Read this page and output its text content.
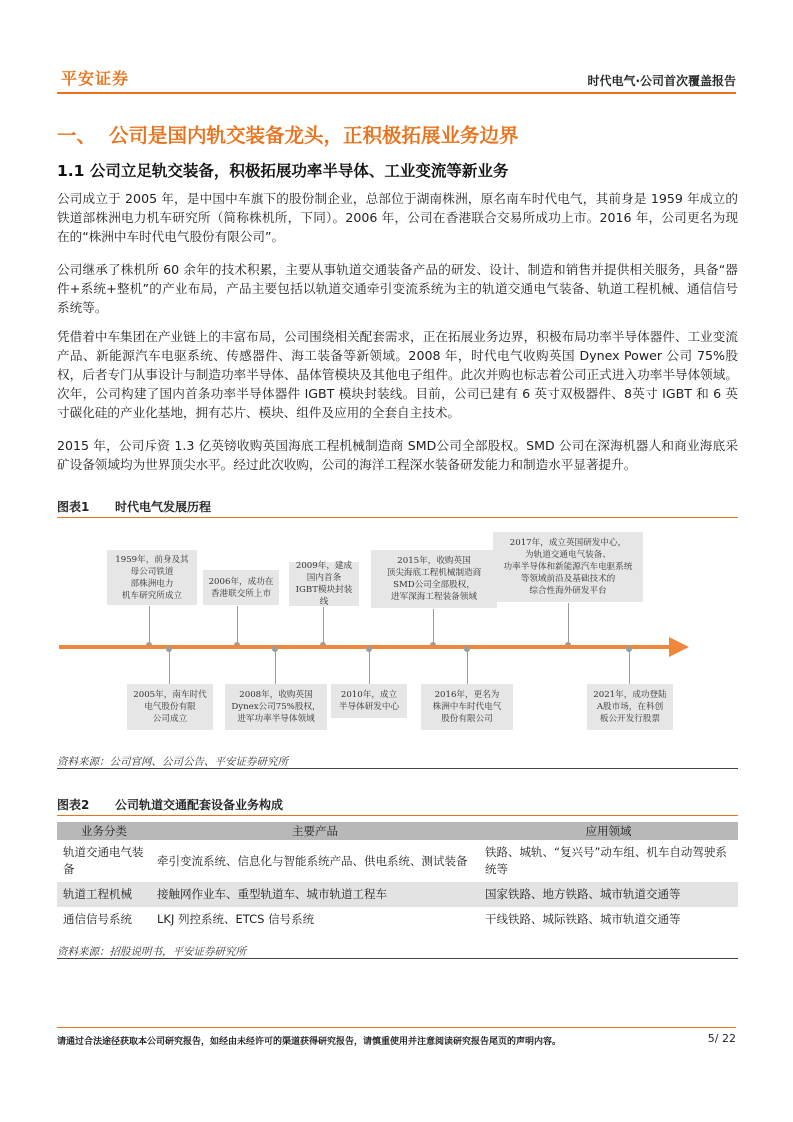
平安证券	时代电气·公司首次覆盖报告
一、 公司是国内轨交装备龙头，正积极拓展业务边界
1.1 公司立足轨交装备，积极拓展功率半导体、工业变流等新业务

公司成立于 2005 年，是中国中车旗下的股份制企业，总部位于湖南株洲，原名南车时代电气，其前身是 1959 年成立的铁道部株洲电力机车研究所（简称株机所，下同）。2006 年，公司在香港联合交易所成功上市。2016 年，公司更名为现在的“株洲中车时代电气股份有限公司”。

公司继承了株机所 60 余年的技术积累，主要从事轨道交通装备产品的研发、设计、制造和销售并提供相关服务，具备“器件+系统+整机”的产业布局，产品主要包括以轨道交通牵引变流系统为主的轨道交通电气装备、轨道工程机械、通信信号系统等。

凭借着中车集团在产业链上的丰富布局，公司围绕相关配套需求，正在拓展业务边界，积极布局功率半导体器件、工业变流产品、新能源汽车电驱系统、传感器件、海工装备等新领域。2008 年，时代电气收购英国 Dynex Power 公司 75%股权，后者专门从事设计与制造功率半导体、晶体管模块及其他电子组件。此次并购也标志着公司正式进入功率半导体领域。次年，公司构建了国内首条功率半导体器件 IGBT 模块封装线。目前，公司已建有 6 英寸双极器件、8英寸 IGBT 和 6 英寸碳化硅的产业化基地，拥有芯片、模块、组件及应用的全套自主技术。

2015 年，公司斥资 1.3 亿英镑收购英国海底工程机械制造商 SMD公司全部股权。SMD 公司在深海机器人和商业海底采矿设备领域均为世界顶尖水平。经过此次收购，公司的海洋工程深水装备研发能力和制造水平显著提升。

图表1 时代电气发展历程
1959年，前身及其
母公司铁道
部株洲电力
机车研究所成立
2006年，成功在
香港联交所上市
2009年，建成
国内首条
IGBT模块封装线
2015年，收购英国
顶尖海底工程机械制造商
SMD公司全部股权，
进军深海工程装备领域
2017年，成立英国研发中心，
为轨道交通电气装备、
功率半导体和新能源汽车电驱系统
等领域前沿及基础技术的
综合性海外研发平台
2005年，南车时代
电气股份有限
公司成立
2008年，收购英国
Dynex公司75%股权，
进军功率半导体领域
2010年，成立
半导体研发中心
2016年，更名为
株洲中车时代电气
股份有限公司
2021年，成功登陆
A股市场，在科创
板公开发行股票
资料来源：公司官网、公司公告、平安证券研究所
图表2 公司轨道交通配套设备业务构成
业务分类	主要产品	应用领域
轨道交通电气装备	牵引变流系统、信息化与智能系统产品、供电系统、测试装备	铁路、城轨、“复兴号”动车组、机车自动驾驶系统等
轨道工程机械	接触网作业车、重型轨道车、城市轨道工程车	国家铁路、地方铁路、城市轨道交通等
通信信号系统	LKJ 列控系统、ETCS 信号系统	干线铁路、城际铁路、城市轨道交通等
资料来源：招股说明书，平安证券研究所
请通过合法途径获取本公司研究报告，如经由未经许可的渠道获得研究报告，请慎重使用并注意阅读研究报告尾页的声明内容。	5/ 22
